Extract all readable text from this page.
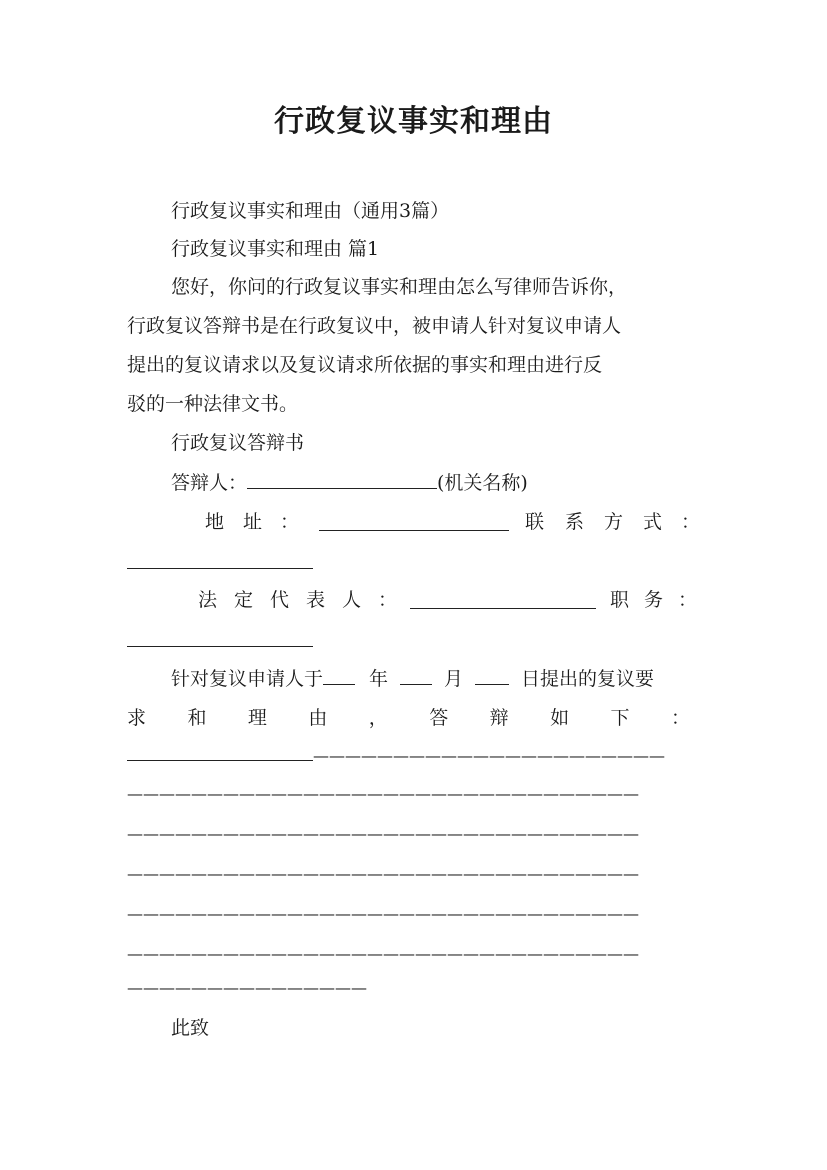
行政复议事实和理由
行政复议事实和理由（通用3篇）
行政复议事实和理由 篇1
您好，你问的行政复议事实和理由怎么写律师告诉你，
行政复议答辩书是在行政复议中，被申请人针对复议申请人
提出的复议请求以及复议请求所依据的事实和理由进行反
驳的一种法律文书。
行政复议答辩书
答辩人：	(机关名称)
地 址 ：	联 系 方 式 ：
法 定 代 表 人 ：	职 务 ：
针对复议申请人于 年	月	日提出的复议要
求 和 理 由 ， 答 辩 如 下 ：
——————————————————————
————————————————————————————————
————————————————————————————————
————————————————————————————————
————————————————————————————————
————————————————————————————————
———————————————
此致
